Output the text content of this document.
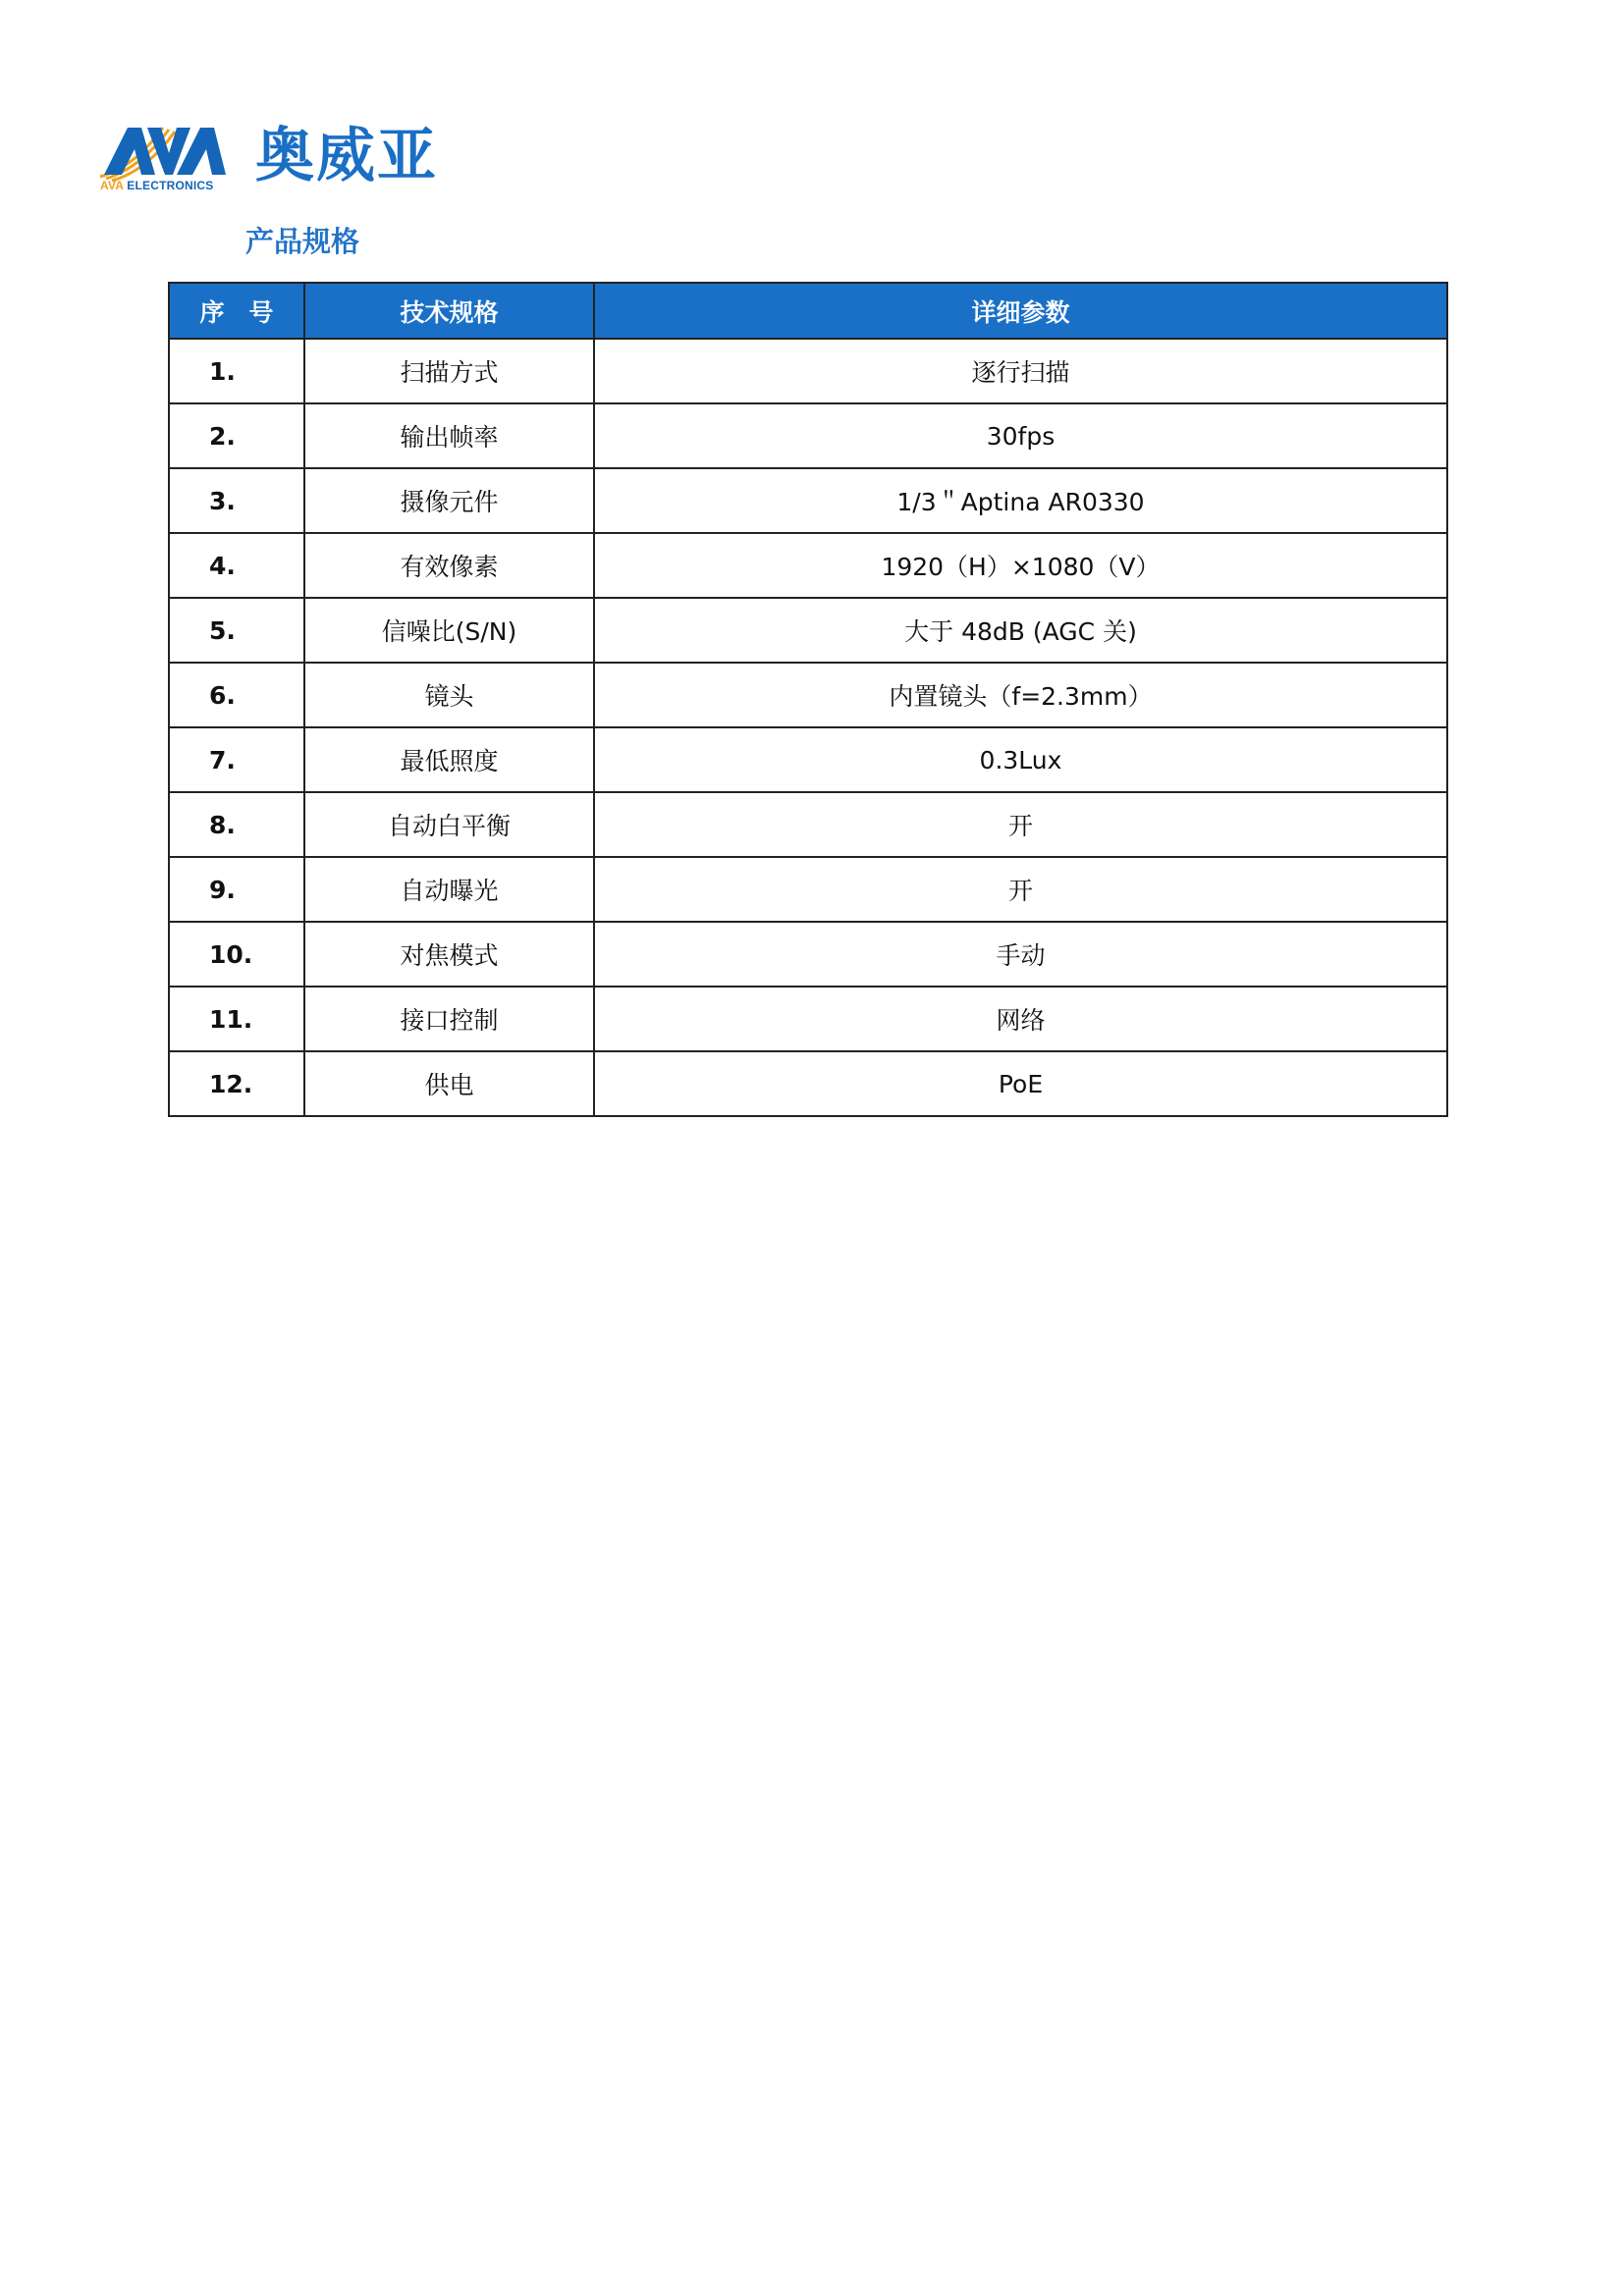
AVA ELECTRONICS 奥威亚
产品规格
序　号	技术规格	详细参数
1.	扫描方式	逐行扫描
2.	输出帧率	30fps
3.	摄像元件	1/3＂Aptina AR0330
4.	有效像素	1920（H）×1080（V）
5.	信噪比(S/N)	大于 48dB (AGC 关)
6.	镜头	内置镜头（f=2.3mm）
7.	最低照度	0.3Lux
8.	自动白平衡	开
9.	自动曝光	开
10.	对焦模式	手动
11.	接口控制	网络
12.	供电	PoE
